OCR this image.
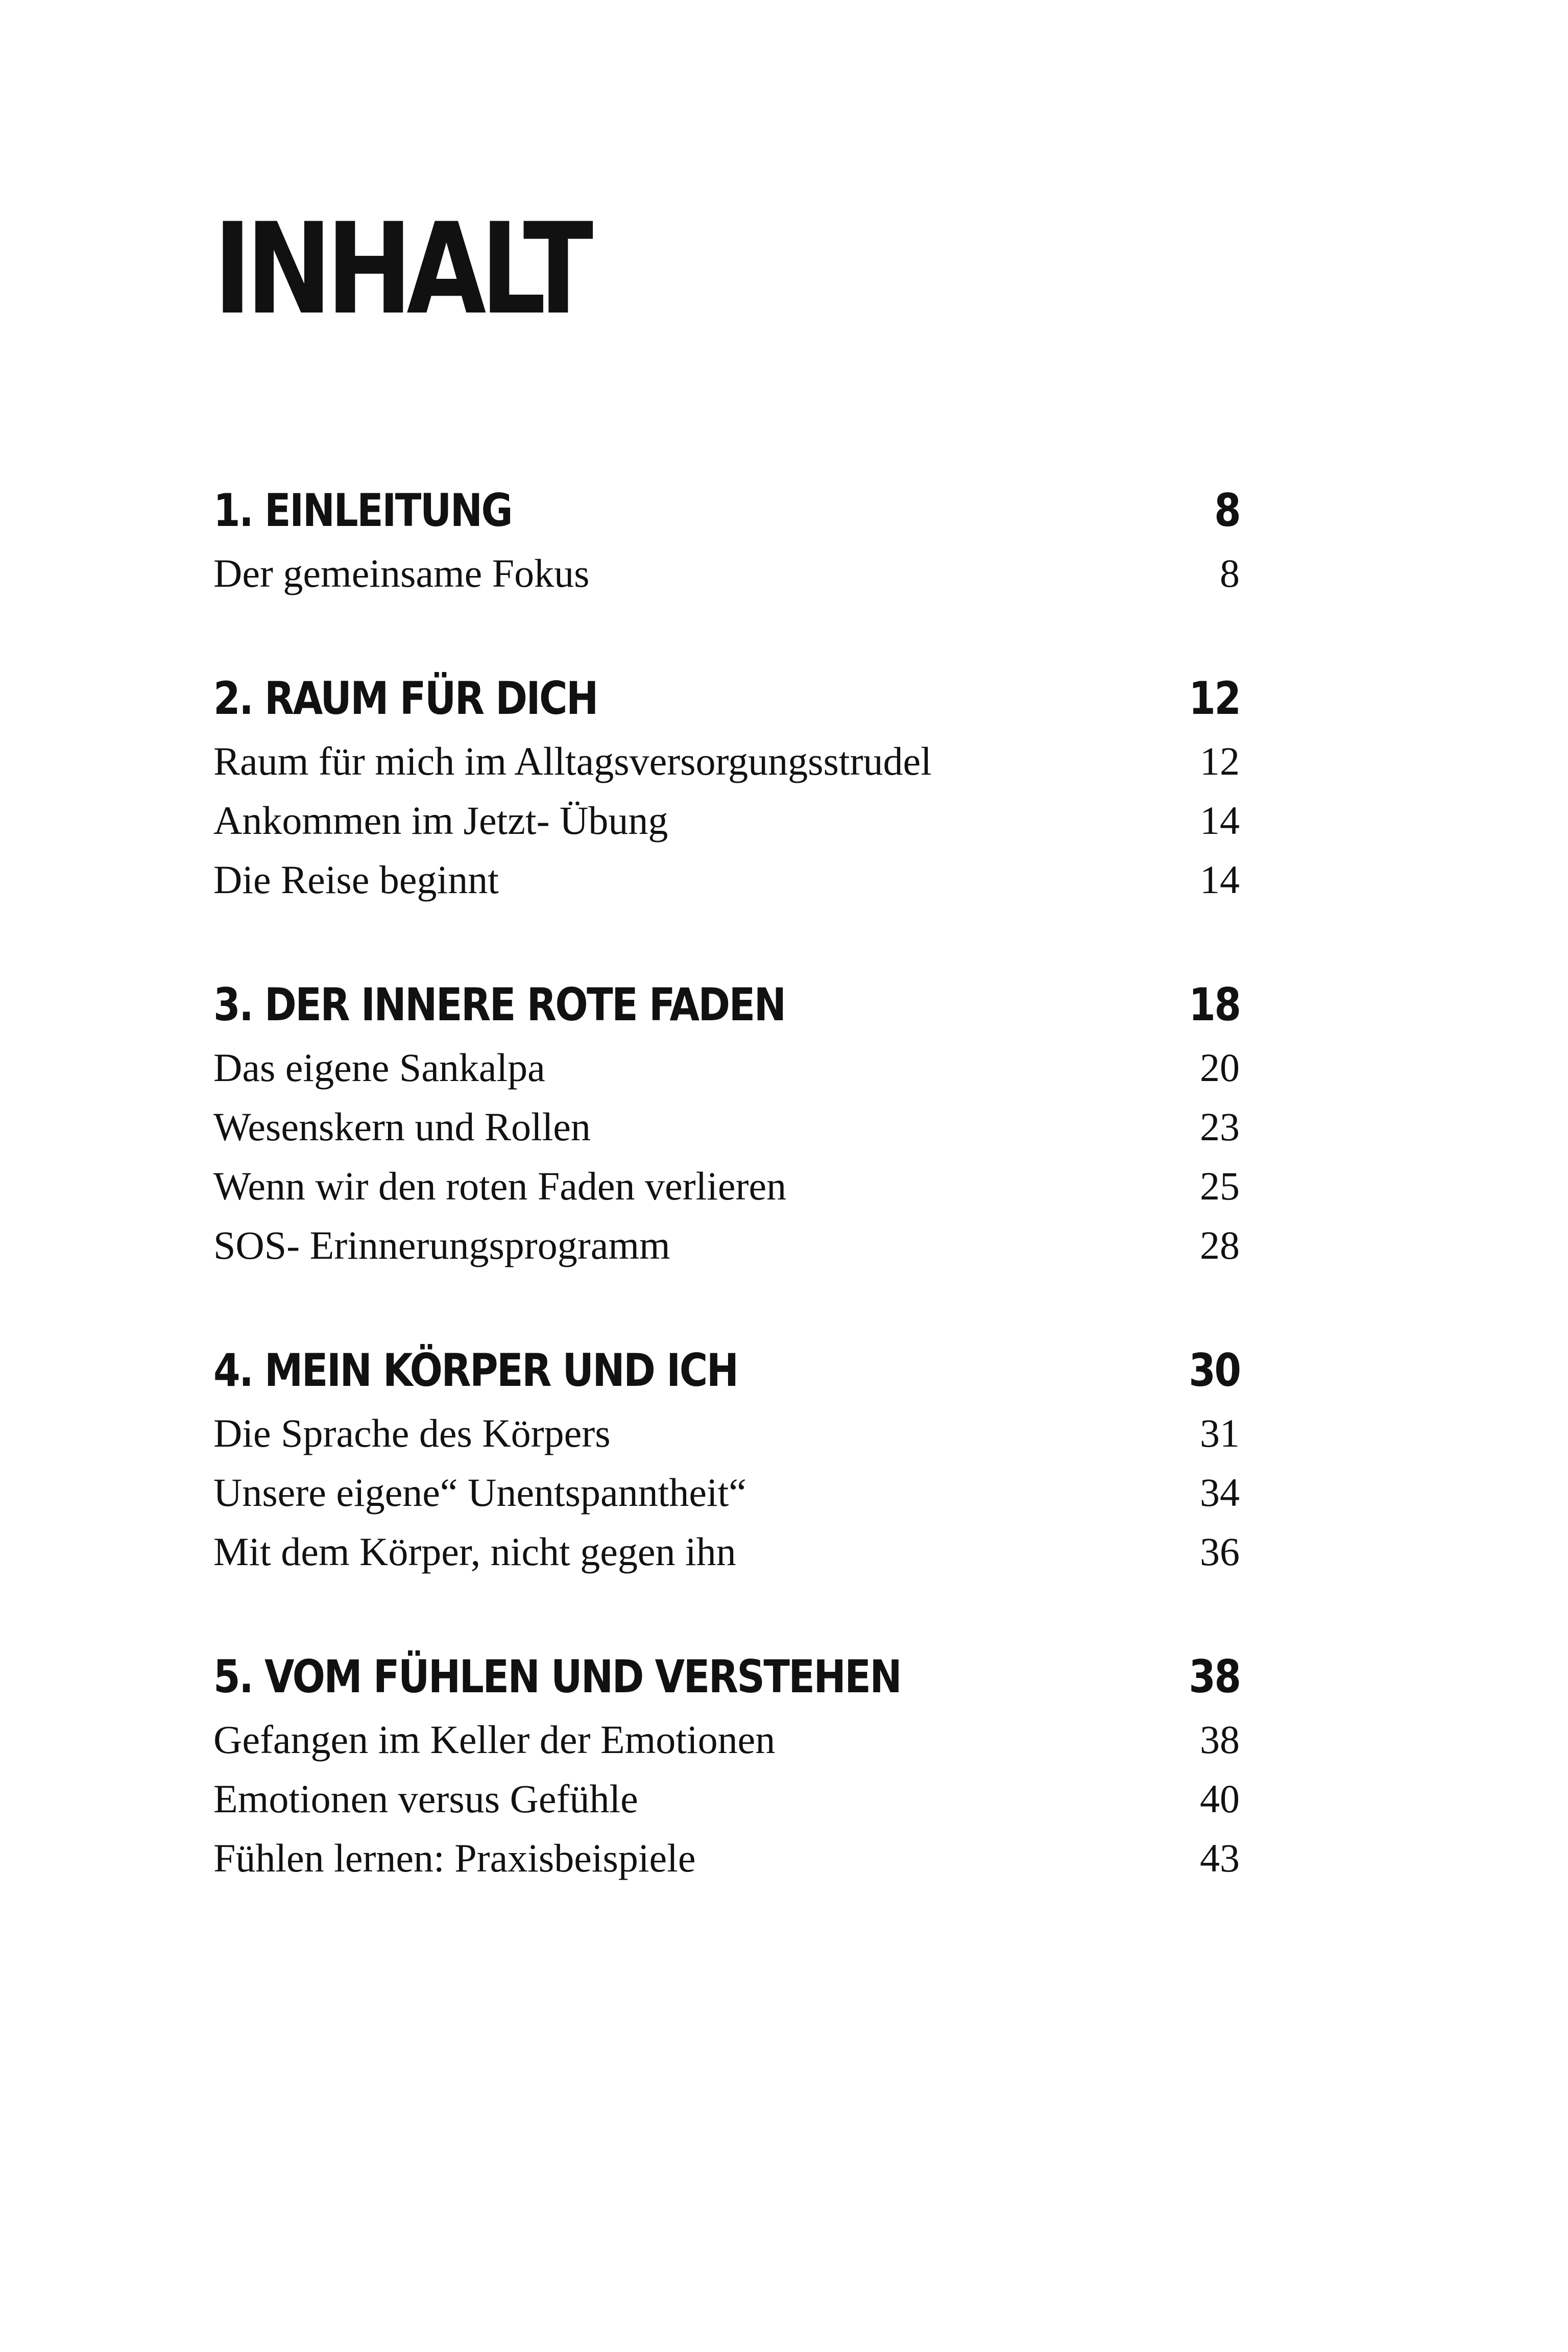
INHALT
1. EINLEITUNG	8
Der gemeinsame Fokus	8
2. RAUM FÜR DICH	12
Raum für mich im Alltagsversorgungsstrudel	12
Ankommen im Jetzt- Übung	14
Die Reise beginnt	14
3. DER INNERE ROTE FADEN	18
Das eigene Sankalpa	20
Wesenskern und Rollen	23
Wenn wir den roten Faden verlieren	25
SOS- Erinnerungsprogramm	28
4. MEIN KÖRPER UND ICH	30
Die Sprache des Körpers	31
Unsere eigene“ Unentspanntheit“	34
Mit dem Körper, nicht gegen ihn	36
5. VOM FÜHLEN UND VERSTEHEN	38
Gefangen im Keller der Emotionen	38
Emotionen versus Gefühle	40
Fühlen lernen: Praxisbeispiele	43
